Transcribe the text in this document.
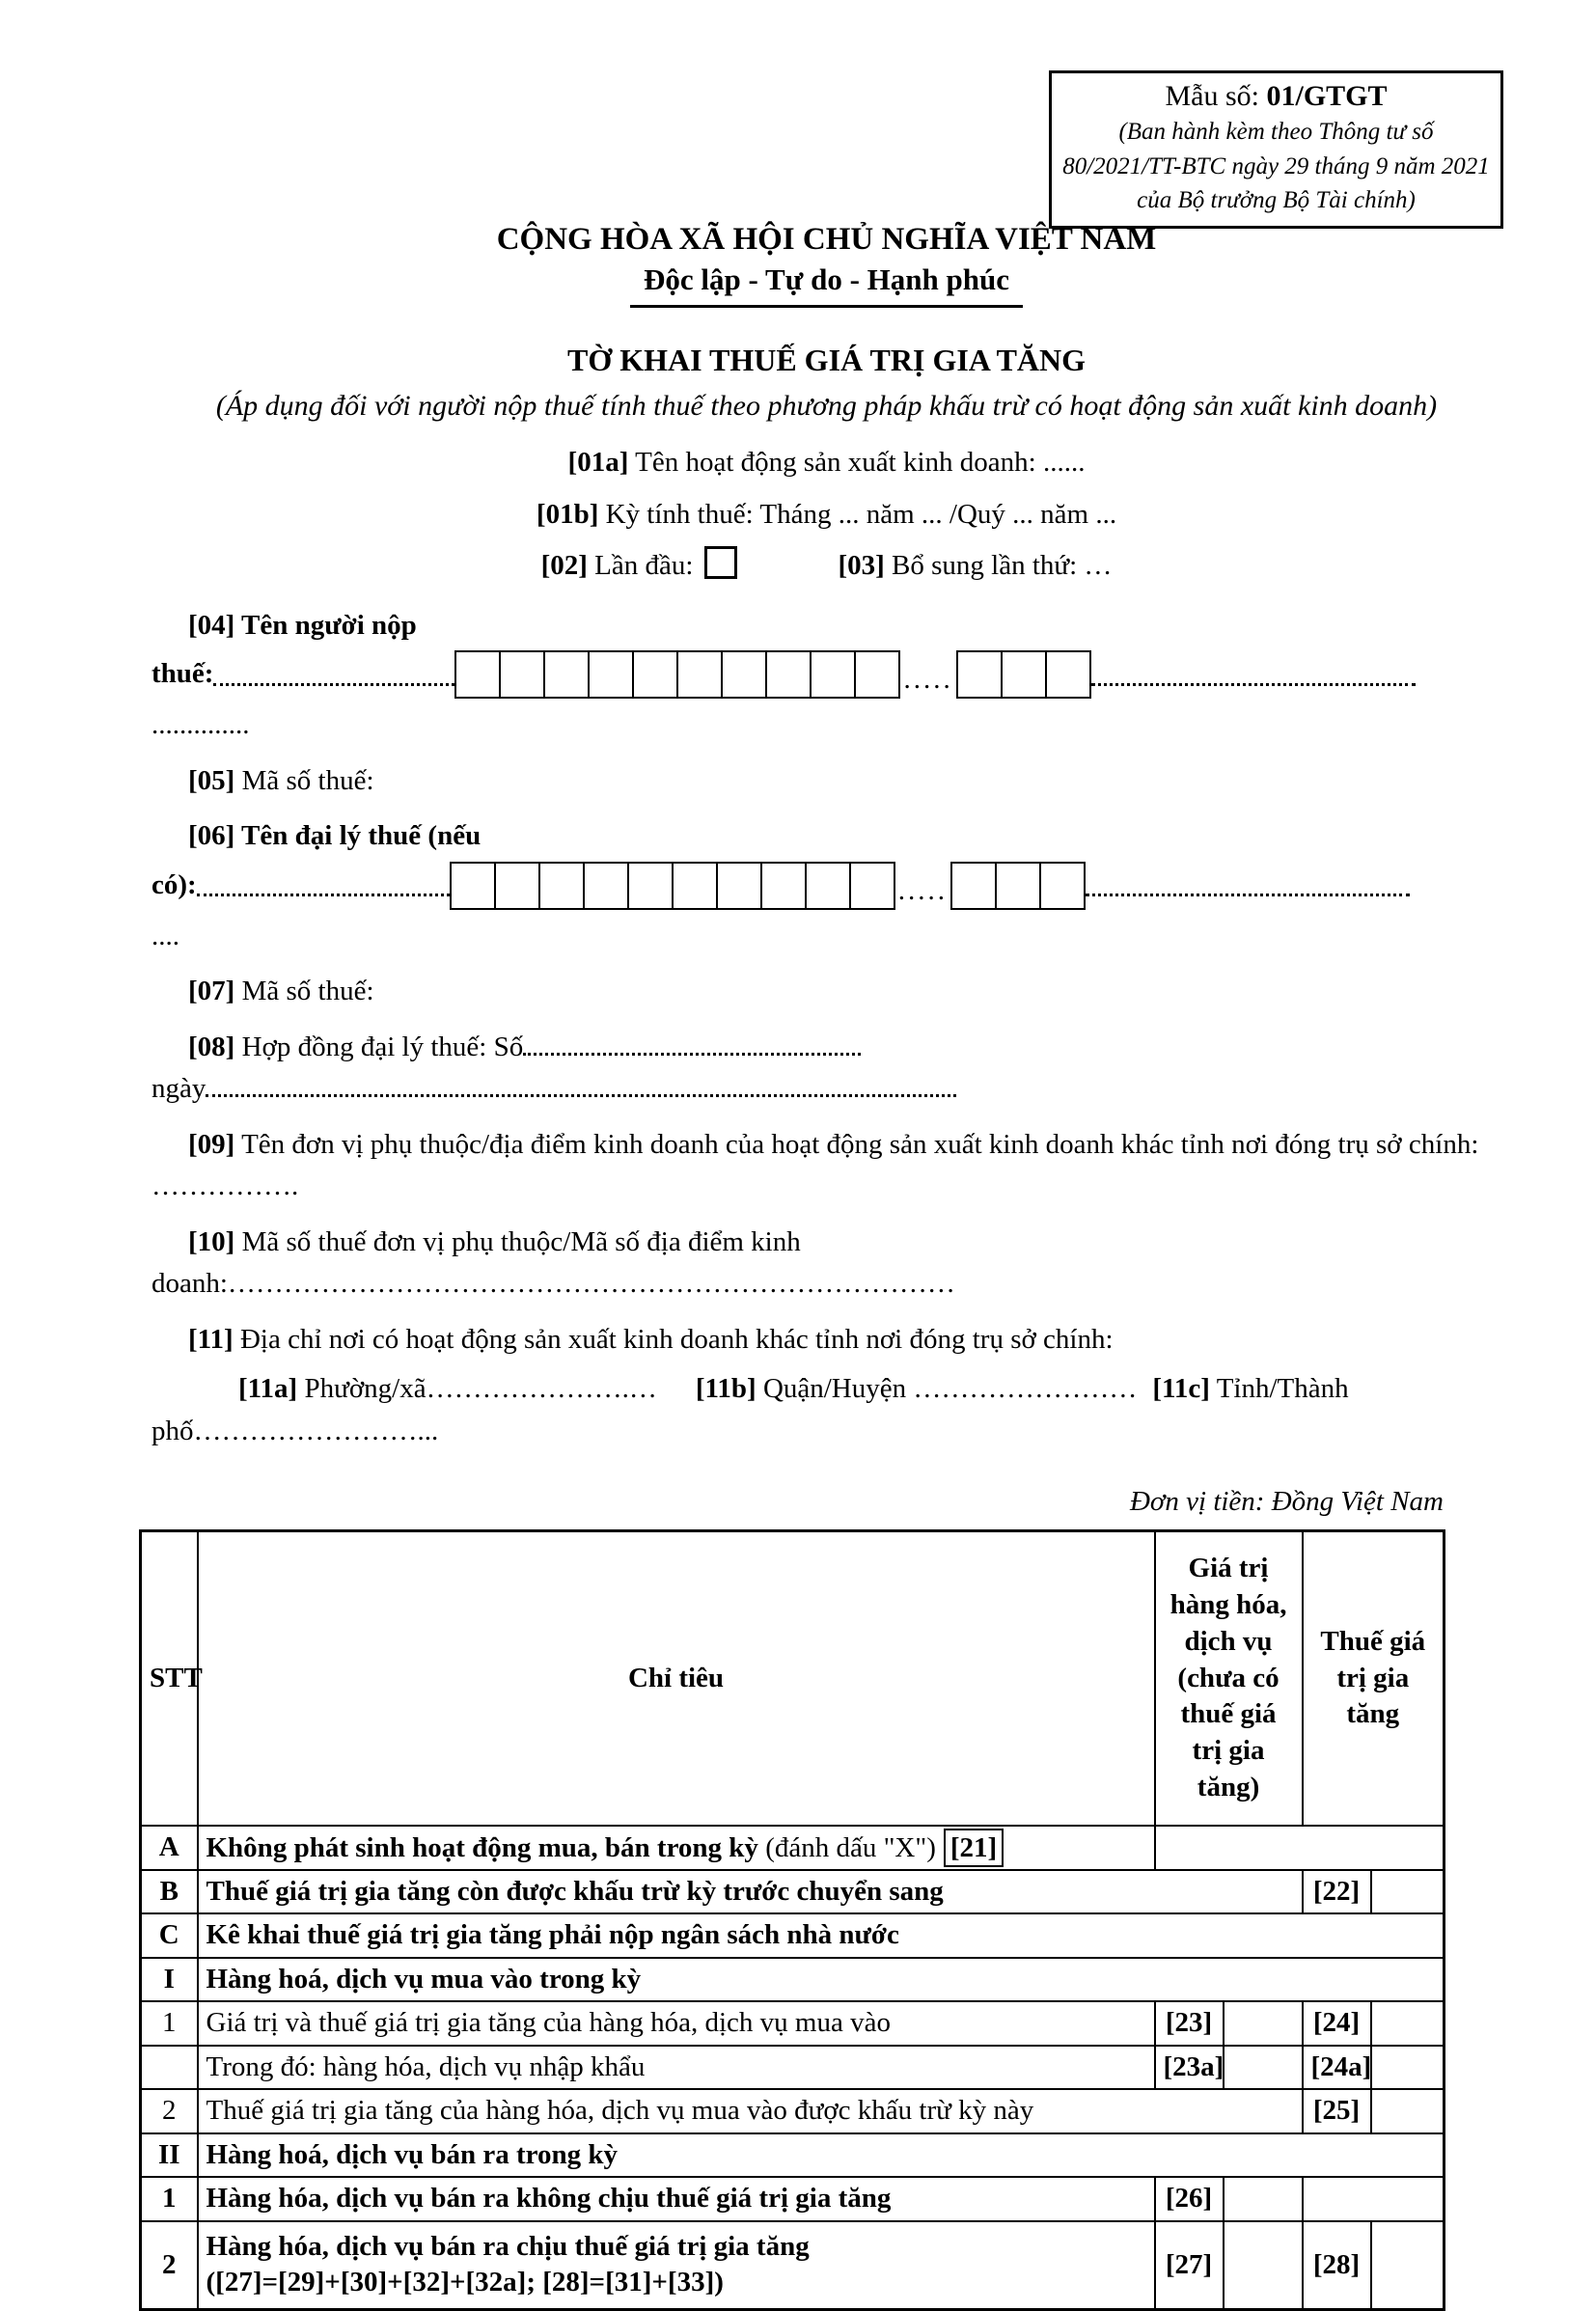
Mẫu số: 01/GTGT
(Ban hành kèm theo Thông tư số 80/2021/TT-BTC ngày 29 tháng 9 năm 2021 của Bộ trưởng Bộ Tài chính)
CỘNG HÒA XÃ HỘI CHỦ NGHĨA VIỆT NAM
Độc lập - Tự do - Hạnh phúc
TỜ KHAI THUẾ GIÁ TRỊ GIA TĂNG
(Áp dụng đối với người nộp thuế tính thuế theo phương pháp khấu trừ có hoạt động sản xuất kinh doanh)
[01a] Tên hoạt động sản xuất kinh doanh: ......
[01b] Kỳ tính thuế: Tháng ... năm ... /Quý ... năm ...
[02] Lần đầu:	[03] Bổ sung lần thứ: …
[04] Tên người nộp
thuế:	.....
..............
[05] Mã số thuế:
[06] Tên đại lý thuế (nếu
có):	.....
....
[07] Mã số thuế:
[08]
Hợp đồng đại lý thuế: Số
ngày
[09] Tên đơn vị phụ thuộc/địa điểm kinh doanh của hoạt động sản xuất kinh doanh khác tỉnh nơi đóng trụ sở chính: …………….
[10] Mã số thuế đơn vị phụ thuộc/Mã số địa điểm kinh doanh:……………………………………………………………………
[11] Địa chỉ nơi có hoạt động sản xuất kinh doanh khác tỉnh nơi đóng trụ sở chính:
[11a] Phường/xã………………….… [11b] Quận/Huyện …………………… [11c] Tỉnh/Thành phố……………………...
Đơn vị tiền: Đồng Việt Nam
STT	Chỉ tiêu	Giá trị hàng hóa, dịch vụ (chưa có thuế giá trị gia tăng)		Thuế giá trị gia tăng	
A	Không phát sinh hoạt động mua, bán trong kỳ (đánh dấu "X") [21]				
B	Thuế giá trị gia tăng còn được khấu trừ kỳ trước chuyển sang			[22]	
C	Kê khai thuế giá trị gia tăng phải nộp ngân sách nhà nước				
I	Hàng hoá, dịch vụ mua vào trong kỳ				
1	Giá trị và thuế giá trị gia tăng của hàng hóa, dịch vụ mua vào	[23]		[24]	
	Trong đó: hàng hóa, dịch vụ nhập khẩu	[23a]		[24a]	
2	Thuế giá trị gia tăng của hàng hóa, dịch vụ mua vào được khấu trừ kỳ này			[25]	
II	Hàng hoá, dịch vụ bán ra trong kỳ				
1	Hàng hóa, dịch vụ bán ra không chịu thuế giá trị gia tăng	[26]			
2	Hàng hóa, dịch vụ bán ra chịu thuế giá trị gia tăng
([27]=[29]+[30]+[32]+[32a]; [28]=[31]+[33])	[27]		[28]	
